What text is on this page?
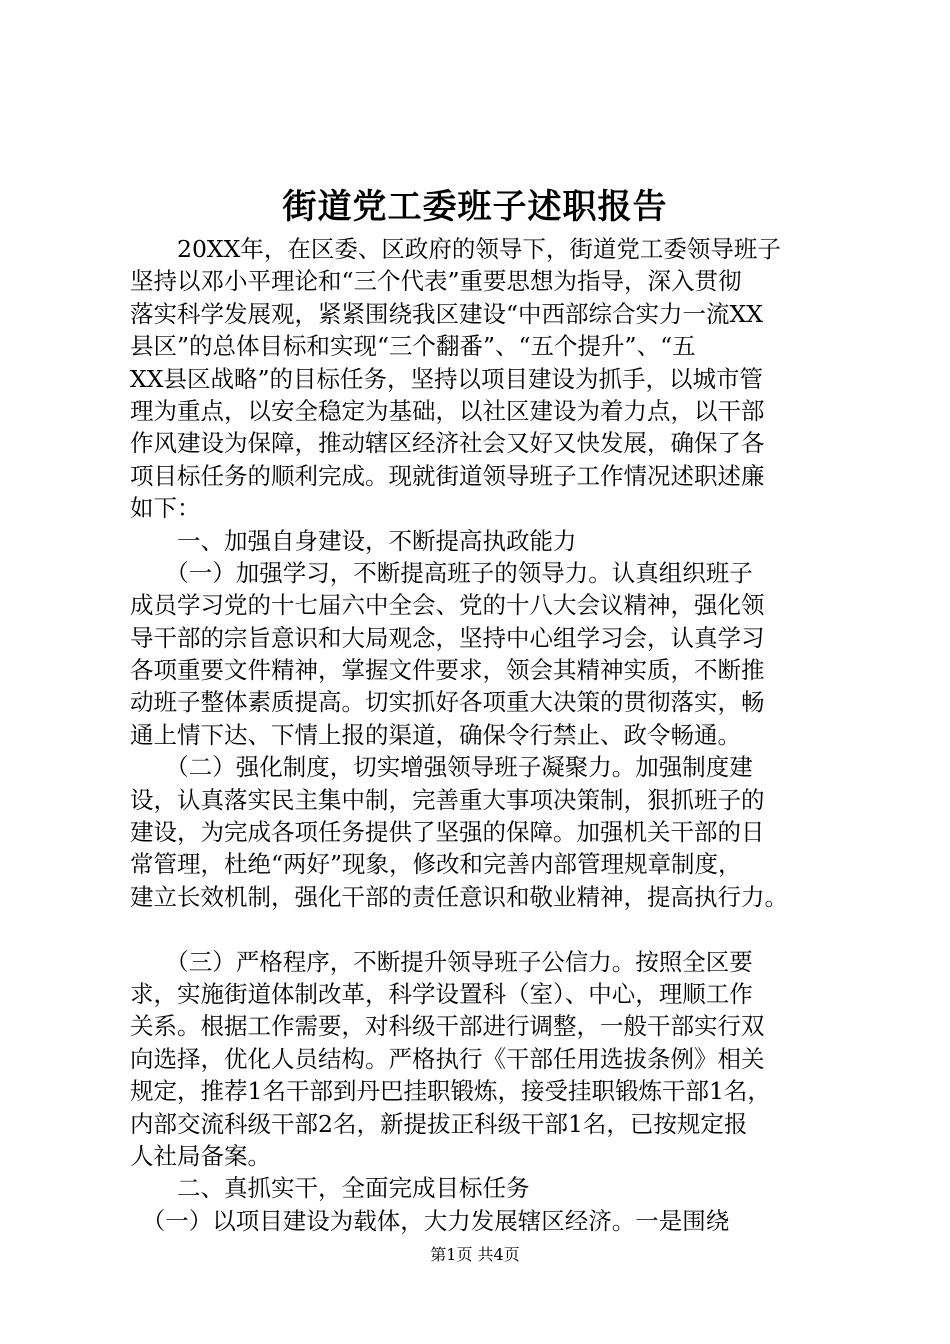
街道党工委班子述职报告
　　20XX年，在区委、区政府的领导下，街道党工委领导班子
坚持以邓小平理论和“三个代表”重要思想为指导，深入贯彻
落实科学发展观，紧紧围绕我区建设“中西部综合实力一流XX
县区”的总体目标和实现“三个翻番”、“五个提升”、“五
XX县区战略”的目标任务，坚持以项目建设为抓手，以城市管
理为重点，以安全稳定为基础，以社区建设为着力点，以干部
作风建设为保障，推动辖区经济社会又好又快发展，确保了各
项目标任务的顺利完成。现就街道领导班子工作情况述职述廉
如下：
　　一、加强自身建设，不断提高执政能力
　　（一）加强学习，不断提高班子的领导力。认真组织班子
成员学习党的十七届六中全会、党的十八大会议精神，强化领
导干部的宗旨意识和大局观念，坚持中心组学习会，认真学习
各项重要文件精神，掌握文件要求，领会其精神实质，不断推
动班子整体素质提高。切实抓好各项重大决策的贯彻落实，畅
通上情下达、下情上报的渠道，确保令行禁止、政令畅通。
　　（二）强化制度，切实增强领导班子凝聚力。加强制度建
设，认真落实民主集中制，完善重大事项决策制，狠抓班子的
建设，为完成各项任务提供了坚强的保障。加强机关干部的日
常管理，杜绝“两好”现象，修改和完善内部管理规章制度，
建立长效机制，强化干部的责任意识和敬业精神，提高执行力。
　　（三）严格程序，不断提升领导班子公信力。按照全区要
求，实施街道体制改革，科学设置科（室）、中心，理顺工作
关系。根据工作需要，对科级干部进行调整，一般干部实行双
向选择，优化人员结构。严格执行《干部任用选拔条例》相关
规定，推荐1名干部到丹巴挂职锻炼，接受挂职锻炼干部1名，
内部交流科级干部2名，新提拔正科级干部1名，已按规定报
人社局备案。
　　二、真抓实干，全面完成目标任务
　（一）以项目建设为载体，大力发展辖区经济。一是围绕
第1页 共4页
